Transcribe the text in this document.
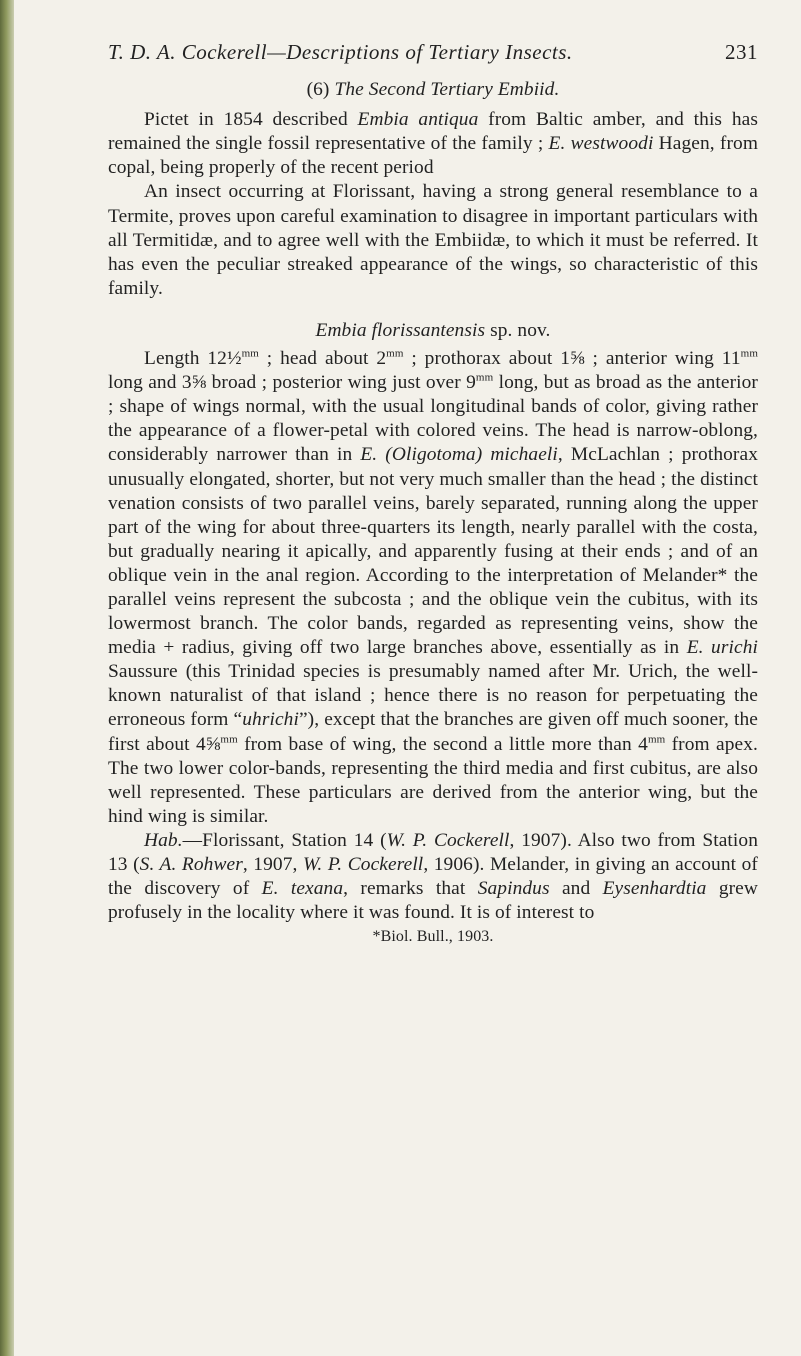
T. D. A. Cockerell—Descriptions of Tertiary Insects.	231
(6) The Second Tertiary Embiid.

Pictet in 1854 described Embia antiqua from Baltic amber, and this has remained the single fossil representative of the family ; E. westwoodi Hagen, from copal, being properly of the recent period

An insect occurring at Florissant, having a strong general resemblance to a Termite, proves upon careful examination to disagree in important particulars with all Termitidæ, and to agree well with the Embiidæ, to which it must be referred. It has even the peculiar streaked appearance of the wings, so characteristic of this family.

Embia florissantensis sp. nov.

Length 12½$^{mm}$ ; head about $2^{mm}$ ; prothorax about 1⅝ ; anterior wing $11^{mm}$ long and 3⅝ broad ; posterior wing just over $9^{mm}$ long, but as broad as the anterior ; shape of wings normal, with the usual longitudinal bands of color, giving rather the appearance of a flower-petal with colored veins. The head is narrow-oblong, considerably narrower than in E. (Oligotoma) michaeli, McLachlan ; prothorax unusually elongated, shorter, but not very much smaller than the head ; the distinct venation consists of two parallel veins, barely separated, running along the upper part of the wing for about three-quarters its length, nearly parallel with the costa, but gradually nearing it apically, and apparently fusing at their ends ; and of an oblique vein in the anal region. According to the interpretation of Melander* the parallel veins represent the subcosta ; and the oblique vein the cubitus, with its lowermost branch. The color bands, regarded as representing veins, show the media + radius, giving off two large branches above, essentially as in E. urichi Saussure (this Trinidad species is presumably named after Mr. Urich, the well-known naturalist of that island ; hence there is no reason for perpetuating the erroneous form “uhrichi”), except that the branches are given off much sooner, the first about 4⅝$^{mm}$ from base of wing, the second a little more than $4^{mm}$ from apex. The two lower color-bands, representing the third media and first cubitus, are also well represented. These particulars are derived from the anterior wing, but the hind wing is similar.

Hab.—Florissant, Station 14 (W. P. Cockerell, 1907). Also two from Station 13 (S. A. Rohwer, 1907, W. P. Cockerell, 1906). Melander, in giving an account of the discovery of E. texana, remarks that Sapindus and Eysenhardtia grew profusely in the locality where it was found. It is of interest to

*Biol. Bull., 1903.
